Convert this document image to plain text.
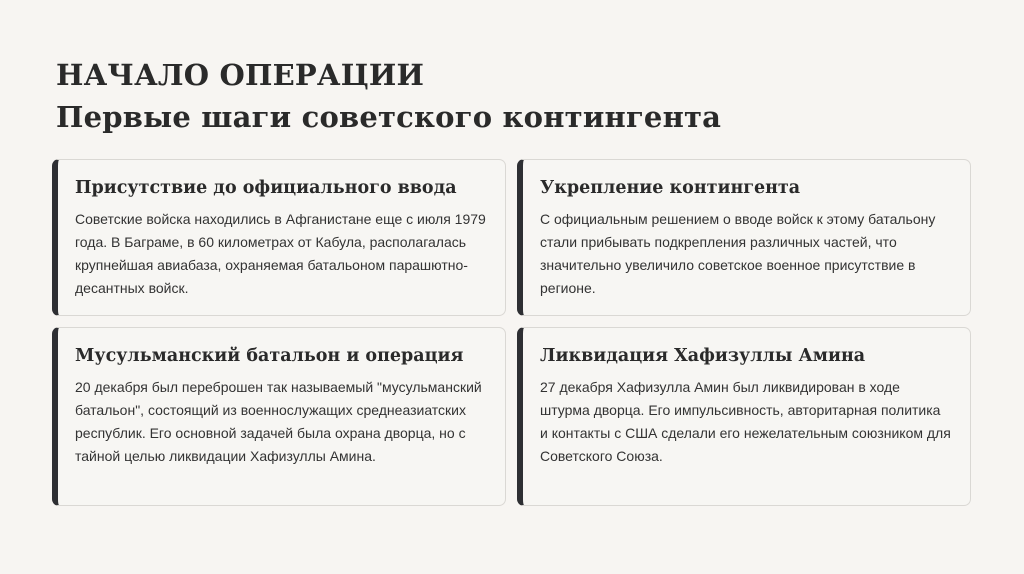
НАЧАЛО ОПЕРАЦИИ
Первые шаги советского контингента
Присутствие до официального ввода

Советские войска находились в Афганистане еще с июля 1979 года. В Баграме, в 60 километрах от Кабула, располагалась крупнейшая авиабаза, охраняемая батальоном парашютно-десантных войск.

Укрепление контингента

С официальным решением о вводе войск к этому батальону стали прибывать подкрепления различных частей, что значительно увеличило советское военное присутствие в регионе.

Мусульманский батальон и операция

20 декабря был переброшен так называемый "мусульманский батальон", состоящий из военнослужащих среднеазиатских республик. Его основной задачей была охрана дворца, но с тайной целью ликвидации Хафизуллы Амина.

Ликвидация Хафизуллы Амина

27 декабря Хафизулла Амин был ликвидирован в ходе штурма дворца. Его импульсивность, авторитарная политика и контакты с США сделали его нежелательным союзником для Советского Союза.
